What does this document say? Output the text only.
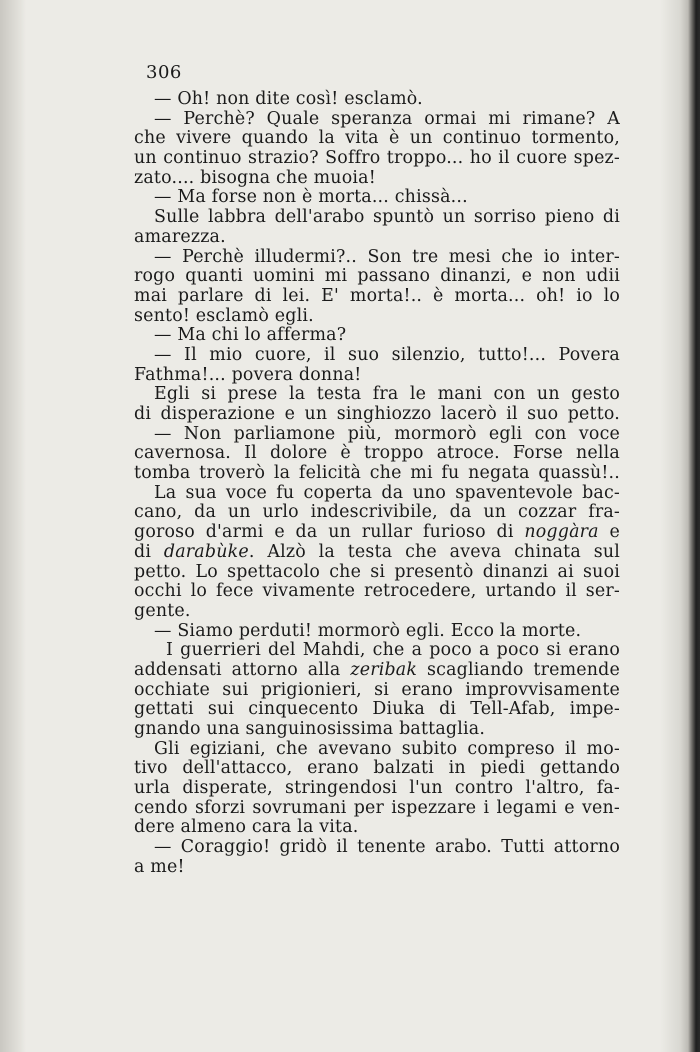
306
— Oh! non dite così! esclamò.
— Perchè? Quale speranza ormai mi rimane? A
che vivere quando la vita è un continuo tormento,
un continuo strazio? Soffro troppo... ho il cuore spez-
zato.... bisogna che muoia!
— Ma forse non è morta... chissà...
Sulle labbra dell'arabo spuntò un sorriso pieno di
amarezza.
— Perchè illudermi?.. Son tre mesi che io inter-
rogo quanti uomini mi passano dinanzi, e non udii
mai parlare di lei. E' morta!.. è morta... oh! io lo
sento! esclamò egli.
— Ma chi lo afferma?
— Il mio cuore, il suo silenzio, tutto!... Povera
Fathma!... povera donna!
Egli si prese la testa fra le mani con un gesto
di disperazione e un singhiozzo lacerò il suo petto.
— Non parliamone più, mormorò egli con voce
cavernosa. Il dolore è troppo atroce. Forse nella
tomba troverò la felicità che mi fu negata quassù!..
La sua voce fu coperta da uno spaventevole bac-
cano, da un urlo indescrivibile, da un cozzar fra-
goroso d'armi e da un rullar furioso di noggàra e
di darabùke. Alzò la testa che aveva chinata sul
petto. Lo spettacolo che si presentò dinanzi ai suoi
occhi lo fece vivamente retrocedere, urtando il ser-
gente.
— Siamo perduti! mormorò egli. Ecco la morte.
I guerrieri del Mahdi, che a poco a poco si erano
addensati attorno alla zeribak scagliando tremende
occhiate sui prigionieri, si erano improvvisamente
gettati sui cinquecento Diuka di Tell-Afab, impe-
gnando una sanguinosissima battaglia.
Gli egiziani, che avevano subito compreso il mo-
tivo dell'attacco, erano balzati in piedi gettando
urla disperate, stringendosi l'un contro l'altro, fa-
cendo sforzi sovrumani per ispezzare i legami e ven-
dere almeno cara la vita.
— Coraggio! gridò il tenente arabo. Tutti attorno
a me!
